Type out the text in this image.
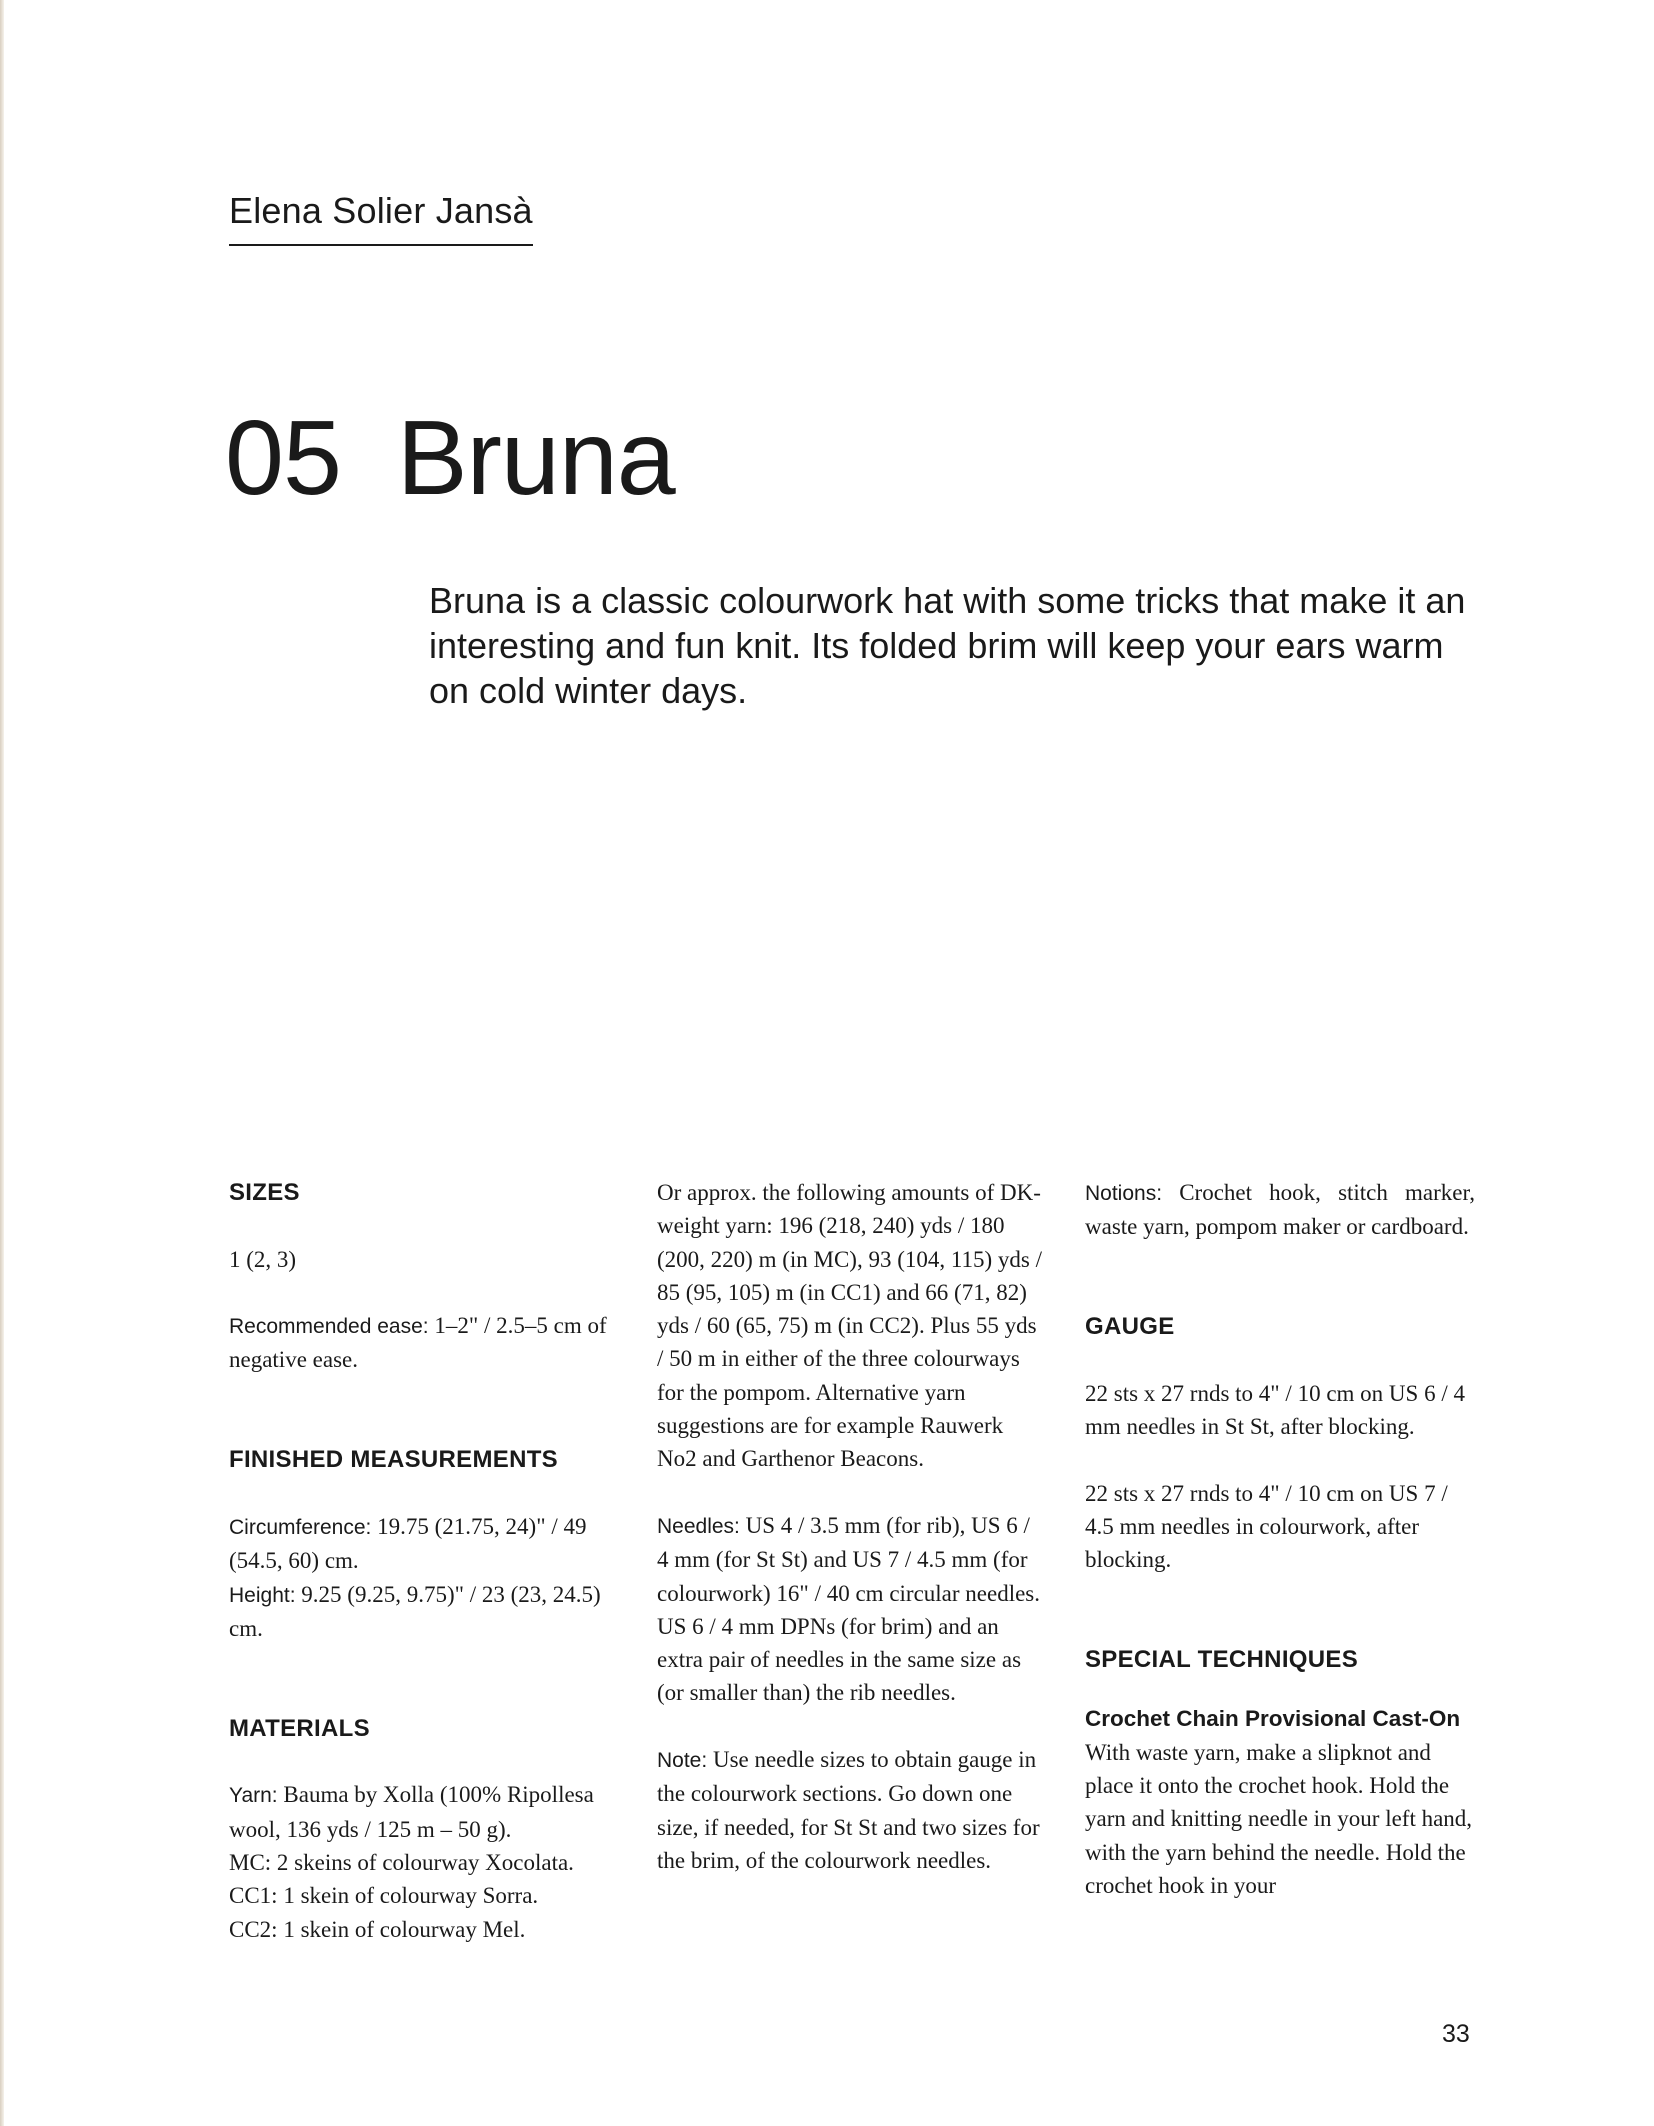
Elena Solier Jansà
05 Bruna
Bruna is a classic colourwork hat with some tricks that make it an interesting and fun knit. Its folded brim will keep your ears warm on cold winter days.
SIZES

1 (2, 3)

Recommended ease: 1–2" / 2.5–5 cm of negative ease.

FINISHED MEASUREMENTS

Circumference: 19.75 (21.75, 24)" / 49 (54.5, 60) cm.

Height: 9.25 (9.25, 9.75)" / 23 (23, 24.5) cm.

MATERIALS

Yarn: Bauma by Xolla (100% Ripollesa wool, 136 yds / 125 m – 50 g).

MC: 2 skeins of colourway Xocolata.

CC1: 1 skein of colourway Sorra.

CC2: 1 skein of colourway Mel.

Or approx. the following amounts of DK-weight yarn: 196 (218, 240) yds / 180 (200, 220) m (in MC), 93 (104, 115) yds / 85 (95, 105) m (in CC1) and 66 (71, 82) yds / 60 (65, 75) m (in CC2). Plus 55 yds / 50 m in either of the three colourways for the pompom. Alternative yarn suggestions are for example Rauwerk No2 and Garthenor Beacons.

Needles: US 4 / 3.5 mm (for rib), US 6 / 4 mm (for St St) and US 7 / 4.5 mm (for colourwork) 16" / 40 cm circular needles. US 6 / 4 mm DPNs (for brim) and an extra pair of needles in the same size as (or smaller than) the rib needles.

Note: Use needle sizes to obtain gauge in the colourwork sections. Go down one size, if needed, for St St and two sizes for the brim, of the colourwork needles.

Notions: Crochet hook, stitch marker, waste yarn, pompom maker or cardboard.

GAUGE

22 sts x 27 rnds to 4" / 10 cm on US 6 / 4 mm needles in St St, after blocking.

22 sts x 27 rnds to 4" / 10 cm on US 7 / 4.5 mm needles in colourwork, after blocking.

SPECIAL TECHNIQUES
Crochet Chain Provisional Cast-On

With waste yarn, make a slipknot and place it onto the crochet hook. Hold the yarn and knitting needle in your left hand, with the yarn behind the needle. Hold the crochet hook in your

33
